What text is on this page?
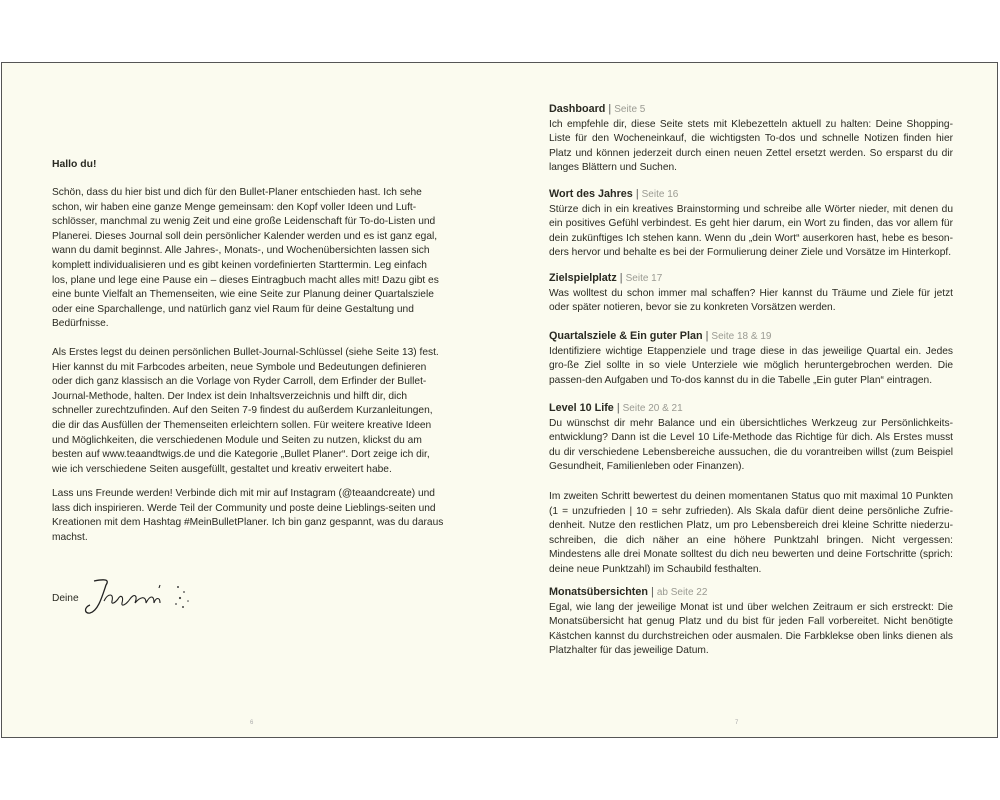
Hallo du!

Schön, dass du hier bist und dich für den Bullet-Planer entschieden hast. Ich sehe schon, wir haben eine ganze Menge gemeinsam: den Kopf voller Ideen und Luft-schlösser, manchmal zu wenig Zeit und eine große Leidenschaft für To-do-Listen und Planerei. Dieses Journal soll dein persönlicher Kalender werden und es ist ganz egal, wann du damit beginnst. Alle Jahres-, Monats-, und Wochenübersichten lassen sich komplett individualisieren und es gibt keinen vordefinierten Starttermin. Leg einfach los, plane und lege eine Pause ein – dieses Eintragbuch macht alles mit! Dazu gibt es eine bunte Vielfalt an Themenseiten, wie eine Seite zur Planung deiner Quartalsziele oder eine Sparchallenge, und natürlich ganz viel Raum für deine Gestaltung und Bedürfnisse.

Als Erstes legst du deinen persönlichen Bullet-Journal-Schlüssel (siehe Seite 13) fest. Hier kannst du mit Farbcodes arbeiten, neue Symbole und Bedeutungen definieren oder dich ganz klassisch an die Vorlage von Ryder Carroll, dem Erfinder der Bullet-Journal-Methode, halten. Der Index ist dein Inhaltsverzeichnis und hilft dir, dich schneller zurechtzufinden. Auf den Seiten 7-9 findest du außerdem Kurzanleitungen, die dir das Ausfüllen der Themenseiten erleichtern sollen. Für weitere kreative Ideen und Möglichkeiten, die verschiedenen Module und Seiten zu nutzen, klickst du am besten auf www.teaandtwigs.de und die Kategorie „Bullet Planer“. Dort zeige ich dir, wie ich verschiedene Seiten ausgefüllt, gestaltet und kreativ erweitert habe.

Lass uns Freunde werden! Verbinde dich mit mir auf Instagram (@teaandcreate) und lass dich inspirieren. Werde Teil der Community und poste deine Lieblings-seiten und Kreationen mit dem Hashtag #MeinBulletPlaner. Ich bin ganz gespannt, was du daraus machst.

Deine
6
Dashboard | Seite 5

Ich empfehle dir, diese Seite stets mit Klebezetteln aktuell zu halten: Deine Shopping-Liste für den Wocheneinkauf, die wichtigsten To-dos und schnelle Notizen finden hier Platz und können jederzeit durch einen neuen Zettel ersetzt werden. So ersparst du dir langes Blättern und Suchen.

Wort des Jahres | Seite 16

Stürze dich in ein kreatives Brainstorming und schreibe alle Wörter nieder, mit denen du ein positives Gefühl verbindest. Es geht hier darum, ein Wort zu finden, das vor allem für dein zukünftiges Ich stehen kann. Wenn du „dein Wort“ auserkoren hast, hebe es beson-ders hervor und behalte es bei der Formulierung deiner Ziele und Vorsätze im Hinterkopf.

Zielspielplatz | Seite 17

Was wolltest du schon immer mal schaffen? Hier kannst du Träume und Ziele für jetzt oder später notieren, bevor sie zu konkreten Vorsätzen werden.

Quartalsziele & Ein guter Plan | Seite 18 & 19

Identifiziere wichtige Etappenziele und trage diese in das jeweilige Quartal ein. Jedes gro-ße Ziel sollte in so viele Unterziele wie möglich heruntergebrochen werden. Die passen-den Aufgaben und To-dos kannst du in die Tabelle „Ein guter Plan“ eintragen.

Level 10 Life | Seite 20 & 21

Du wünschst dir mehr Balance und ein übersichtliches Werkzeug zur Persönlichkeits-entwicklung? Dann ist die Level 10 Life-Methode das Richtige für dich. Als Erstes musst du dir verschiedene Lebensbereiche aussuchen, die du vorantreiben willst (zum Beispiel Gesundheit, Familienleben oder Finanzen).

Im zweiten Schritt bewertest du deinen momentanen Status quo mit maximal 10 Punkten (1 = unzufrieden | 10 = sehr zufrieden). Als Skala dafür dient deine persönliche Zufrie-denheit. Nutze den restlichen Platz, um pro Lebensbereich drei kleine Schritte niederzu-schreiben, die dich näher an eine höhere Punktzahl bringen. Nicht vergessen: Mindestens alle drei Monate solltest du dich neu bewerten und deine Fortschritte (sprich: deine neue Punktzahl) im Schaubild festhalten.

Monatsübersichten | ab Seite 22

Egal, wie lang der jeweilige Monat ist und über welchen Zeitraum er sich erstreckt: Die Monatsübersicht hat genug Platz und du bist für jeden Fall vorbereitet. Nicht benötigte Kästchen kannst du durchstreichen oder ausmalen. Die Farbklekse oben links dienen als Platzhalter für das jeweilige Datum.

7
